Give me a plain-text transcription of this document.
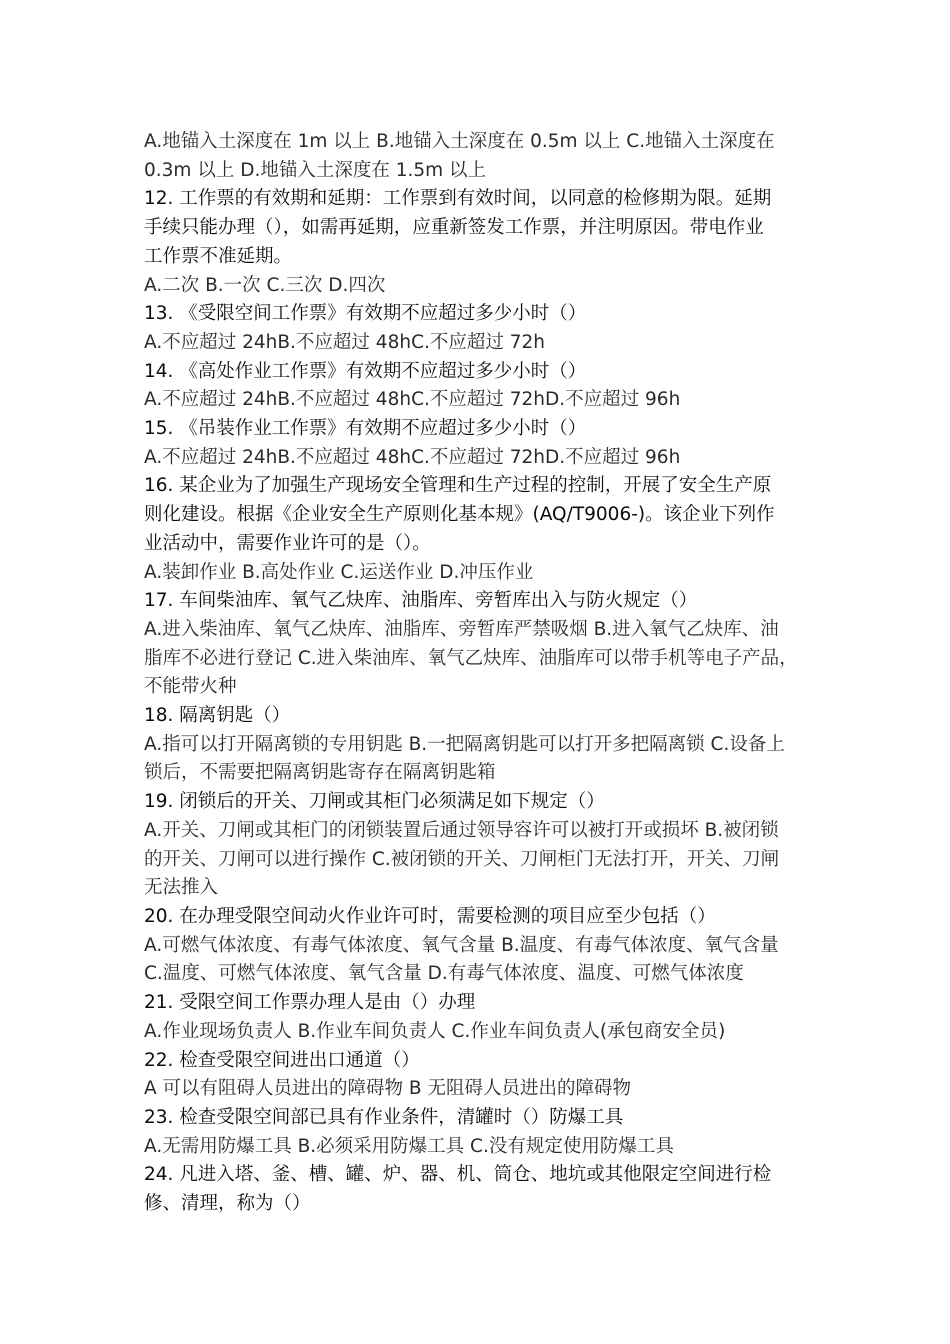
A.地锚入土深度在 1m 以上 B.地锚入土深度在 0.5m 以上 C.地锚入土深度在
0.3m 以上 D.地锚入土深度在 1.5m 以上
12. 工作票的有效期和延期：工作票到有效时间，以同意的检修期为限。延期
手续只能办理（），如需再延期，应重新签发工作票，并注明原因。带电作业
工作票不准延期。
A.二次 B.一次 C.三次 D.四次
13. 《受限空间工作票》有效期不应超过多少小时（）
A.不应超过 24hB.不应超过 48hC.不应超过 72h
14. 《高处作业工作票》有效期不应超过多少小时（）
A.不应超过 24hB.不应超过 48hC.不应超过 72hD.不应超过 96h
15. 《吊装作业工作票》有效期不应超过多少小时（）
A.不应超过 24hB.不应超过 48hC.不应超过 72hD.不应超过 96h
16. 某企业为了加强生产现场安全管理和生产过程的控制，开展了安全生产原
则化建设。根据《企业安全生产原则化基本规》(AQ/T9006-)。该企业下列作
业活动中，需要作业许可的是（）。
A.装卸作业 B.高处作业 C.运送作业 D.冲压作业
17. 车间柴油库、氧气乙炔库、油脂库、旁暂库出入与防火规定（）
A.进入柴油库、氧气乙炔库、油脂库、旁暂库严禁吸烟 B.进入氧气乙炔库、油
脂库不必进行登记 C.进入柴油库、氧气乙炔库、油脂库可以带手机等电子产品，
不能带火种
18. 隔离钥匙（）
A.指可以打开隔离锁的专用钥匙 B.一把隔离钥匙可以打开多把隔离锁 C.设备上
锁后，不需要把隔离钥匙寄存在隔离钥匙箱
19. 闭锁后的开关、刀闸或其柜门必须满足如下规定（）
A.开关、刀闸或其柜门的闭锁装置后通过领导容许可以被打开或损坏 B.被闭锁
的开关、刀闸可以进行操作 C.被闭锁的开关、刀闸柜门无法打开，开关、刀闸
无法推入
20. 在办理受限空间动火作业许可时，需要检测的项目应至少包括（）
A.可燃气体浓度、有毒气体浓度、氧气含量 B.温度、有毒气体浓度、氧气含量
C.温度、可燃气体浓度、氧气含量 D.有毒气体浓度、温度、可燃气体浓度
21. 受限空间工作票办理人是由（）办理
A.作业现场负责人 B.作业车间负责人 C.作业车间负责人(承包商安全员)
22. 检查受限空间进出口通道（）
A 可以有阻碍人员进出的障碍物 B 无阻碍人员进出的障碍物
23. 检查受限空间部已具有作业条件，清罐时（）防爆工具
A.无需用防爆工具 B.必须采用防爆工具 C.没有规定使用防爆工具
24. 凡进入塔、釜、槽、罐、炉、器、机、筒仓、地坑或其他限定空间进行检
修、清理，称为（）
